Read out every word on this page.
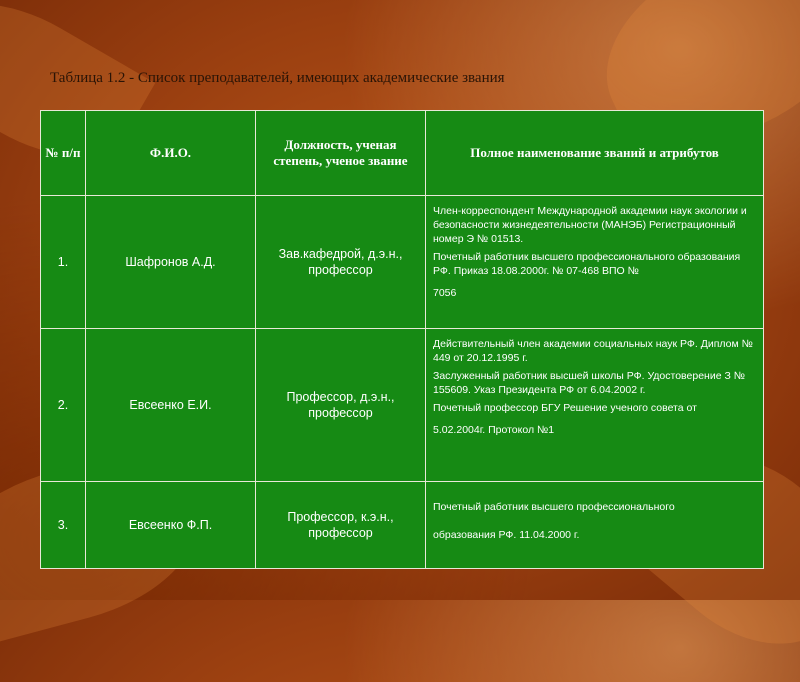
Таблица 1.2 - Список преподавателей, имеющих академические звания
№ п/п	Ф.И.О.	Должность, ученая степень, ученое звание	Полное наименование званий и атрибутов
1.	Шафронов А.Д.	Зав.кафедрой, д.э.н., профессор	Член-корреспондент Международной академии наук экологии и безопасности жизнедеятельности (МАНЭБ) Регистрационный номер Э № 01513.

Почетный работник высшего профессионального образования РФ. Приказ 18.08.2000г. № 07-468 ВПО №

7056

2.	Евсеенко Е.И.	Профессор, д.э.н., профессор	Действительный член академии социальных наук РФ. Диплом № 449 от 20.12.1995 г.

Заслуженный работник высшей школы РФ. Удостоверение З № 155609. Указ Президента РФ от 6.04.2002 г.

Почетный профессор БГУ Решение ученого совета от

5.02.2004г. Протокол №1

3.	Евсеенко Ф.П.	Профессор, к.э.н., профессор	Почетный работник высшего профессионального

образования РФ. 11.04.2000 г.
